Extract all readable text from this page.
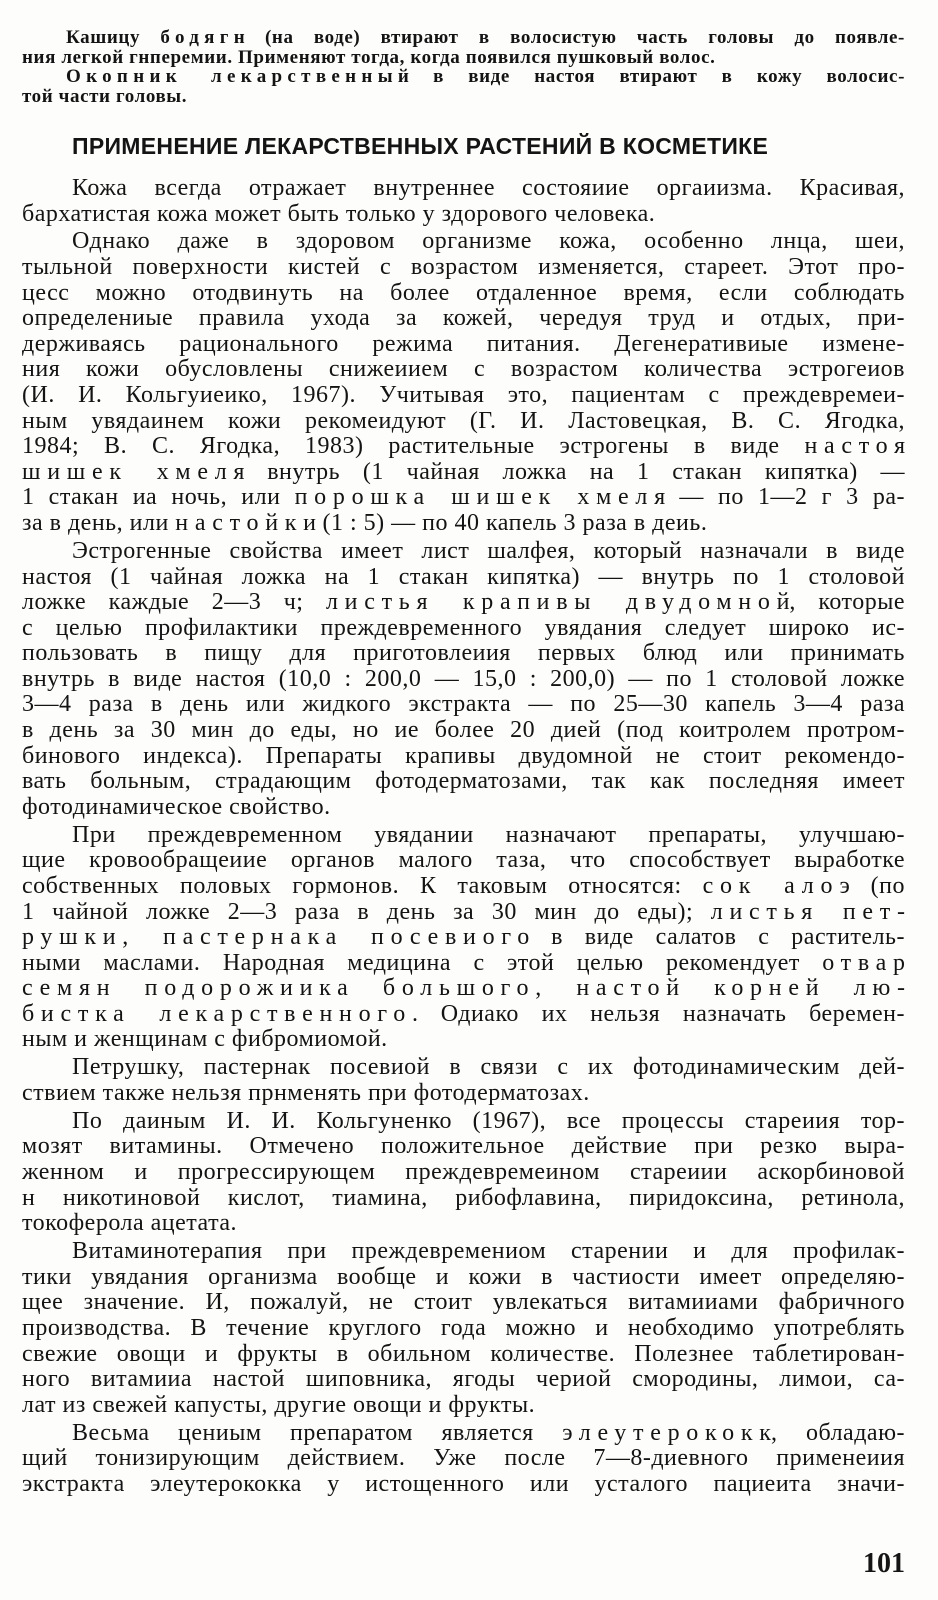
Кашицу бодягн (на воде) втирают в волосистую часть головы до появле-
ния легкой гнперемии. Применяют тогда, когда появился пушковый волос.
Окопник лекарственный в виде настоя втирают в кожу волосис-
той части головы.
ПРИМЕНЕНИЕ ЛЕКАРСТВЕННЫХ РАСТЕНИЙ В КОСМЕТИКЕ
Кожа всегда отражает внутреннее состояиие оргаиизма. Красивая,
бархатистая кожа может быть только у здорового человека.
Однако даже в здоровом организме кожа, особенно лнца, шеи,
тыльной поверхности кистей с возрастом изменяется, стареет. Этот про-
цесс можно отодвинуть на более отдаленное время, если соблюдать
определениые правила ухода за кожей, чередуя труд и отдых, при-
держиваясь рационального режима питания. Дегенеративиые измене-
ния кожи обусловлены снижеиием с возрастом количества эстрогеиов
(И. И. Кольгуиеико, 1967). Учитывая это, пациентам с преждевремеи-
ным увядаинем кожи рекомеидуют (Г. И. Ластовецкая, В. С. Ягодка,
1984; В. С. Ягодка, 1983) растительные эстрогены в виде настоя
шишек хмеля внутрь (1 чайная ложка на 1 стакан кипятка) —
1 стакан иа ночь, или порошка шишек хмеля — по 1—2 г 3 ра-
за в день, или настойки (1 : 5) — по 40 капель 3 раза в деиь.
Эстрогенные свойства имеет лист шалфея, который назначали в виде
настоя (1 чайная ложка на 1 стакан кипятка) — внутрь по 1 столовой
ложке каждые 2—3 ч; листья крапивы двудомной, которые
с целью профилактики преждевременного увядания следует широко ис-
пользовать в пищу для приготовлеиия первых блюд или принимать
внутрь в виде настоя (10,0 : 200,0 — 15,0 : 200,0) — по 1 столовой ложке
3—4 раза в день или жидкого экстракта — по 25—30 капель 3—4 раза
в день за 30 мин до еды, но ие более 20 дией (под коитролем протром-
бинового индекса). Препараты крапивы двудомной не стоит рекомендо-
вать больным, страдающим фотодерматозами, так как последняя имеет
фотодинамическое свойство.
При преждевременном увядании назначают препараты, улучшаю-
щие кровообращеиие органов малого таза, что способствует выработке
собственных половых гормонов. К таковым относятся: сок алоэ (по
1 чайной ложке 2—3 раза в день за 30 мин до еды); листья пет-
рушки, пастернака посевиого в виде салатов с раститель-
ными маслами. Народная медицина с этой целью рекомендует отвар
семян подорожиика большого, настой корней лю-
бистка лекарственного. Одиако их нельзя назначать беремен-
ным и женщинам с фибромиомой.
Петрушку, пастернак посевиой в связи с их фотодинамическим дей-
ствием также нельзя прнменять при фотодерматозах.
По даиным И. И. Кольгуненко (1967), все процессы стареиия тор-
мозят витамины. Отмечено положительное действие при резко выра-
женном и прогрессирующем преждевремеином стареиии аскорбиновой
н никотиновой кислот, тиамина, рибофлавина, пиридоксина, ретинола,
токоферола ацетата.
Витаминотерапия при преждевремениом старении и для профилак-
тики увядания организма вообще и кожи в частиости имеет определяю-
щее значение. И, пожалуй, не стоит увлекаться витамииами фабричного
производства. В течение круглого года можно и необходимо употреблять
свежие овощи и фрукты в обильном количестве. Полезнее таблетирован-
ного витамииа настой шиповника, ягоды чериой смородины, лимои, са-
лат из свежей капусты, другие овощи и фрукты.
Весьма цениым препаратом является элеутерококк, обладаю-
щий тонизирующим действием. Уже после 7—8-диевного применеиия
экстракта элеутерококка у истощенного или усталого пациеита значи-
101
